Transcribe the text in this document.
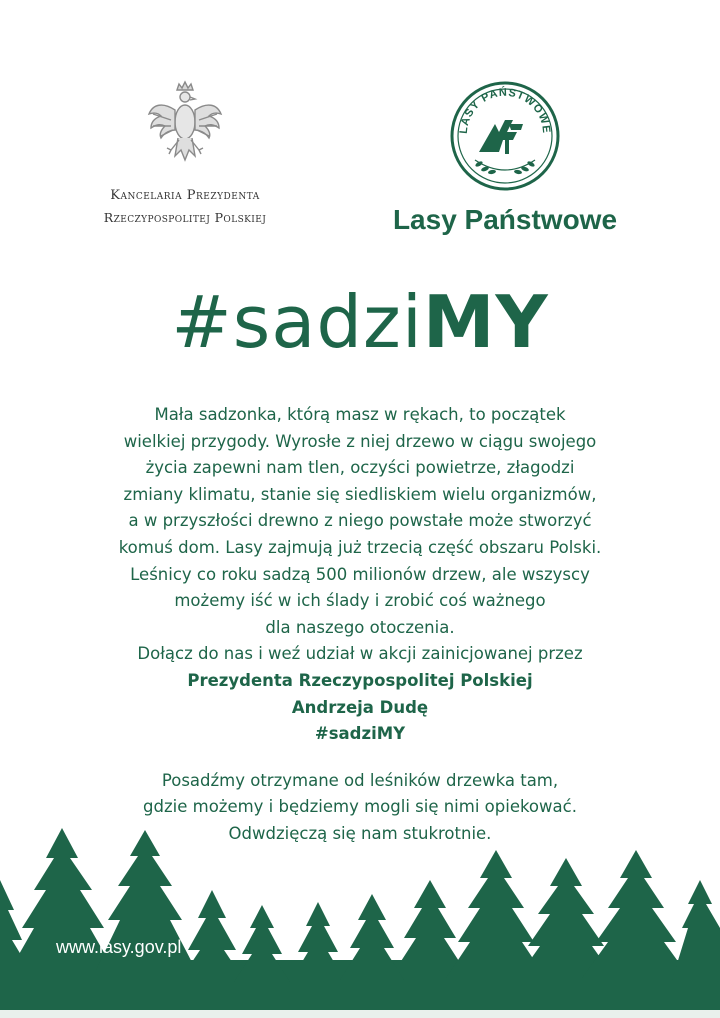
Kancelaria Prezydenta
Rzeczypospolitej Polskiej
LASY PAŃSTWOWE
Lasy Państwowe
#sadziMY

Mała sadzonka, którą masz w rękach, to początek

wielkiej przygody. Wyrosłe z niej drzewo w ciągu swojego

życia zapewni nam tlen, oczyści powietrze, złagodzi

zmiany klimatu, stanie się siedliskiem wielu organizmów,

a w przyszłości drewno z niego powstałe może stworzyć

komuś dom. Lasy zajmują już trzecią część obszaru Polski.

Leśnicy co roku sadzą 500 milionów drzew, ale wszyscy

możemy iść w ich ślady i zrobić coś ważnego

dla naszego otoczenia.

Dołącz do nas i weź udział w akcji zainicjowanej przez

Prezydenta Rzeczypospolitej Polskiej

Andrzeja Dudę

#sadziMY

Posadźmy otrzymane od leśników drzewka tam,

gdzie możemy i będziemy mogli się nimi opiekować.

Odwdzięczą się nam stukrotnie.

www.lasy.gov.pl
